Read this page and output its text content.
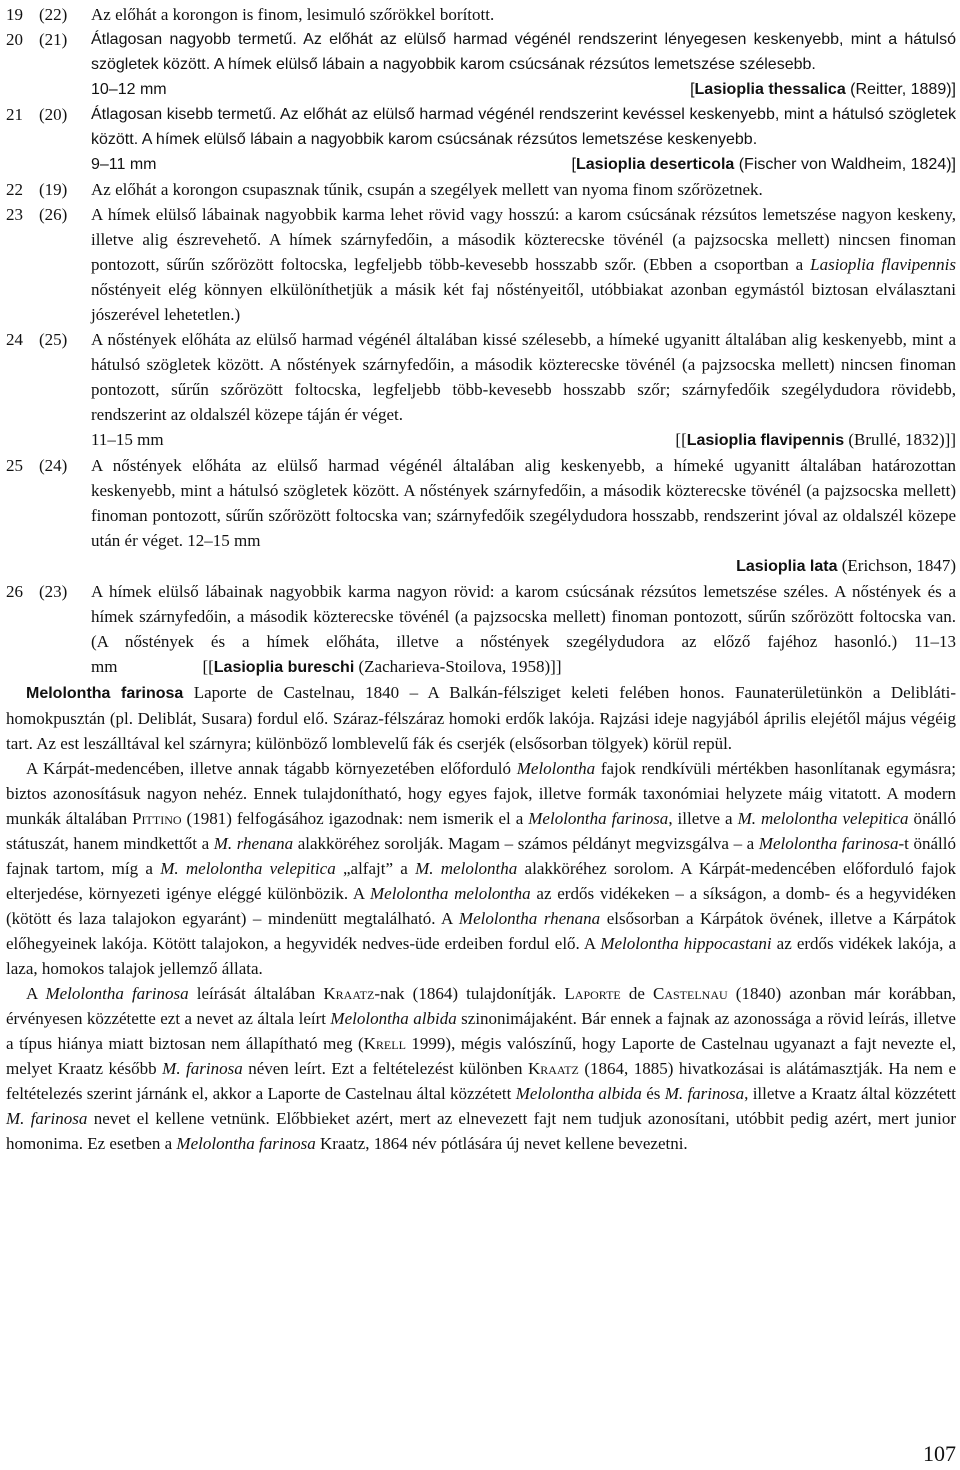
19 (22)	Az előhát a korongon is finom, lesimuló szőrökkel borított.
20 (21)	Átlagosan nagyobb termetű. Az előhát az elülső harmad végénél rendszerint lényegesen keskenyebb, mint a hátulsó szögletek között. A hímek elülső lábain a nagyobbik karom csúcsának rézsútos lemetszése szélesebb.
10–12 mm	[Lasioplia thessalica (Reitter, 1889)]
21 (20)	Átlagosan kisebb termetű. Az előhát az elülső harmad végénél rendszerint kevéssel keskenyebb, mint a hátulsó szögletek között. A hímek elülső lábain a nagyobbik karom csúcsának rézsútos lemetszése keskenyebb.
9–11 mm	[Lasioplia deserticola (Fischer von Waldheim, 1824)]
22 (19)	Az előhát a korongon csupasznak tűnik, csupán a szegélyek mellett van nyoma finom szőrözetnek.
23 (26)	A hímek elülső lábainak nagyobbik karma lehet rövid vagy hosszú: a karom csúcsának rézsútos lemetszése nagyon keskeny, illetve alig észrevehető. A hímek szárnyfedőin, a második közterecske tövénél (a pajzsocska mellett) nincsen finoman pontozott, sűrűn szőrözött foltocska, legfeljebb több-kevesebb hosszabb szőr. (Ebben a csoportban a Lasioplia flavipennis nőstényeit elég könnyen elkülöníthetjük a másik két faj nőstényeitől, utóbbiakat azonban egymástól biztosan elválasztani jószerével lehetetlen.)
24 (25)	A nőstények előháta az elülső harmad végénél általában kissé szélesebb, a hímeké ugyanitt általában alig keskenyebb, mint a hátulsó szögletek között. A nőstények szárnyfedőin, a második közterecske tövénél (a pajzsocska mellett) nincsen finoman pontozott, sűrűn szőrözött foltocska, legfeljebb több-kevesebb hosszabb szőr; szárnyfedőik szegélydudora rövidebb, rendszerint az oldalszél közepe táján ér véget.
11–15 mm	[[Lasioplia flavipennis (Brullé, 1832)]]
25 (24)	A nőstények előháta az elülső harmad végénél általában alig keskenyebb, a hímeké ugyanitt általában határozottan keskenyebb, mint a hátulsó szögletek között. A nőstények szárnyfedőin, a második közterecske tövénél (a pajzsocska mellett) finoman pontozott, sűrűn szőrözött foltocska van; szárnyfedőik szegélydudora hosszabb, rendszerint jóval az oldalszél közepe után ér véget. 12–15 mm
Lasioplia lata (Erichson, 1847)
26 (23)	A hímek elülső lábainak nagyobbik karma nagyon rövid: a karom csúcsának rézsútos lemetszése széles. A nőstények és a hímek szárnyfedőin, a második közterecske tövénél (a pajzsocska mellett) finoman pontozott, sűrűn szőrözött foltocska van. (A nőstények és a hímek előháta, illetve a nőstények szegélydudora az előző fajéhoz hasonló.) 11–13 mm	[[Lasioplia bureschi (Zacharieva-Stoilova, 1958)]]

Melolontha farinosa Laporte de Castelnau, 1840 – A Balkán-félsziget keleti felében honos. Faunaterületünkön a Delibláti-homokpusztán (pl. Deliblát, Susara) fordul elő. Száraz-félszáraz homoki erdők lakója. Rajzási ideje nagyjából április elejétől május végéig tart. Az est leszálltával kel szárnyra; különböző lomblevelű fák és cserjék (elsősorban tölgyek) körül repül.

A Kárpát-medencében, illetve annak tágabb környezetében előforduló Melolontha fajok rendkívüli mértékben hasonlítanak egymásra; biztos azonosításuk nagyon nehéz. Ennek tulajdonítható, hogy egyes fajok, illetve formák taxonómiai helyzete máig vitatott. A modern munkák általában Pittino (1981) felfogásához igazodnak: nem ismerik el a Melolontha farinosa, illetve a M. melolontha velepitica önálló státuszát, hanem mindkettőt a M. rhenana alakköréhez sorolják. Magam – számos példányt megvizsgálva – a Melolontha farinosa-t önálló fajnak tartom, míg a M. melolontha velepitica „alfajt” a M. melolontha alakköréhez sorolom. A Kárpát-medencében előforduló fajok elterjedése, környezeti igénye eléggé különbözik. A Melolontha melolontha az erdős vidékeken – a síkságon, a domb- és a hegyvidéken (kötött és laza talajokon egyaránt) – mindenütt megtalálható. A Melolontha rhenana elsősorban a Kárpátok övének, illetve a Kárpátok előhegyeinek lakója. Kötött talajokon, a hegyvidék nedves-üde erdeiben fordul elő. A Melolontha hippocastani az erdős vidékek lakója, a laza, homokos talajok jellemző állata.

A Melolontha farinosa leírását általában Kraatz-nak (1864) tulajdonítják. Laporte de Castelnau (1840) azonban már korábban, érvényesen közzétette ezt a nevet az általa leírt Melolontha albida szinonimájaként. Bár ennek a fajnak az azonossága a rövid leírás, illetve a típus hiánya miatt biztosan nem állapítható meg (Krell 1999), mégis valószínű, hogy Laporte de Castelnau ugyanazt a fajt nevezte el, melyet Kraatz később M. farinosa néven leírt. Ezt a feltételezést különben Kraatz (1864, 1885) hivatkozásai is alátámasztják. Ha nem e feltételezés szerint járnánk el, akkor a Laporte de Castelnau által közzétett Melolontha albida és M. farinosa, illetve a Kraatz által közzétett M. farinosa nevet el kellene vetnünk. Előbbieket azért, mert az elnevezett fajt nem tudjuk azonosítani, utóbbit pedig azért, mert junior homonima. Ez esetben a Melolontha farinosa Kraatz, 1864 név pótlására új nevet kellene bevezetni.

107
